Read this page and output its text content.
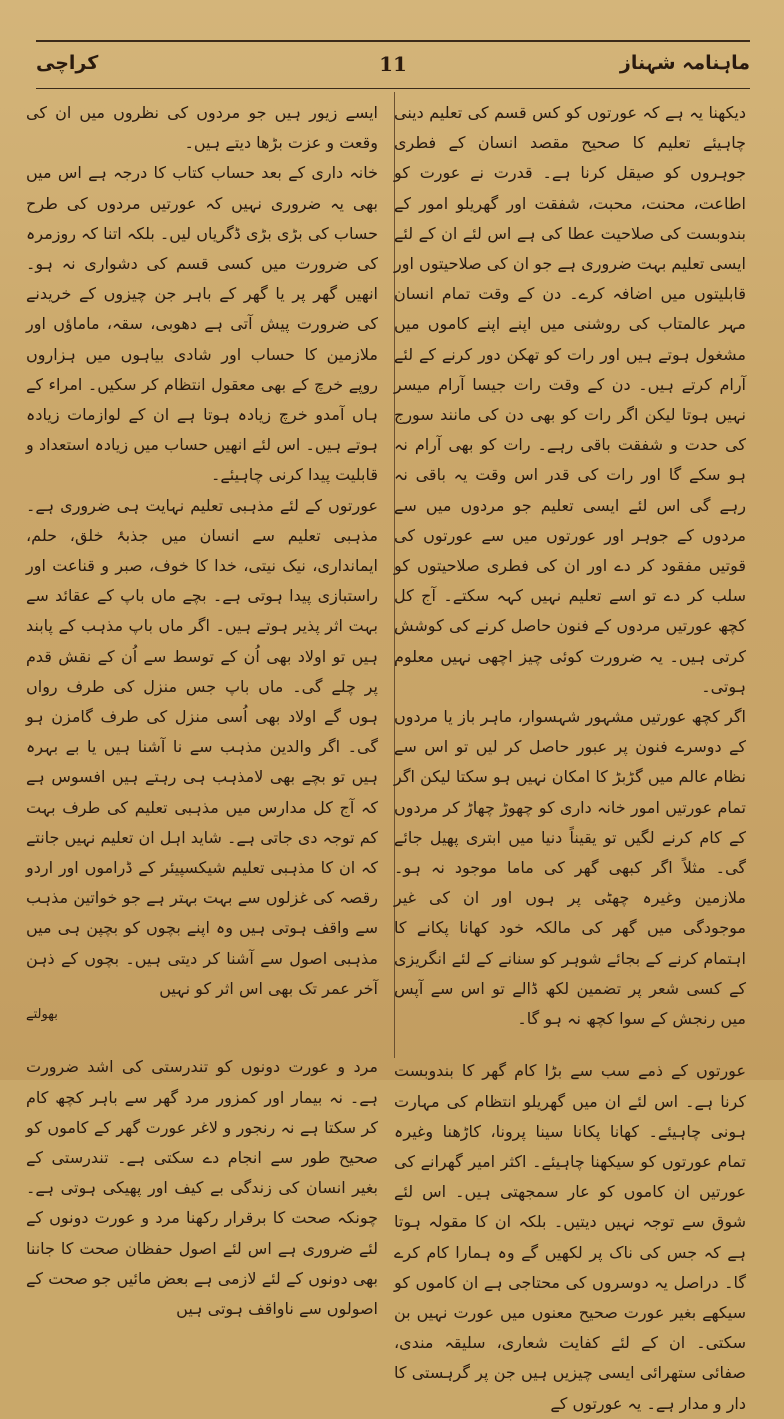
ماہنامہ شہناز
11
کراچی

دیکھنا یہ ہے کہ عورتوں کو کس قسم کی تعلیم دینی چاہیئے تعلیم کا صحیح مقصد انسان کے فطری جوہروں کو صیقل کرنا ہے۔ قدرت نے عورت کو اطاعت، محنت، محبت، شفقت اور گھریلو امور کے بندوبست کی صلاحیت عطا کی ہے اس لئے ان کے لئے ایسی تعلیم بہت ضروری ہے جو ان کی صلاحیتوں اور قابلیتوں میں اضافہ کرے۔ دن کے وقت تمام انسان مہر عالمتاب کی روشنی میں اپنے اپنے کاموں میں مشغول ہوتے ہیں اور رات کو تھکن دور کرنے کے لئے آرام کرتے ہیں۔ دن کے وقت رات جیسا آرام میسر نہیں ہوتا لیکن اگر رات کو بھی دن کی مانند سورج کی حدت و شفقت باقی رہے۔ رات کو بھی آرام نہ ہو سکے گا اور رات کی قدر اس وقت یہ باقی نہ رہے گی اس لئے ایسی تعلیم جو مردوں میں سے مردوں کے جوہر اور عورتوں میں سے عورتوں کی قوتیں مفقود کر دے اور ان کی فطری صلاحیتوں کو سلب کر دے تو اسے تعلیم نہیں کہہ سکتے۔ آج کل کچھ عورتیں مردوں کے فنون حاصل کرنے کی کوشش کرتی ہیں۔ یہ ضرورت کوئی چیز اچھی نہیں معلوم ہوتی۔

اگر کچھ عورتیں مشہور شہسوار، ماہر باز یا مردوں کے دوسرے فنون پر عبور حاصل کر لیں تو اس سے نظام عالم میں گڑبڑ کا امکان نہیں ہو سکتا لیکن اگر تمام عورتیں امور خانہ داری کو چھوڑ چھاڑ کر مردوں کے کام کرنے لگیں تو یقیناً دنیا میں ابتری پھیل جائے گی۔ مثلاً اگر کبھی گھر کی ماما موجود نہ ہو۔ ملازمین وغیرہ چھٹی پر ہوں اور ان کی غیر موجودگی میں گھر کی مالکہ خود کھانا پکانے کا اہتمام کرنے کے بجائے شوہر کو سنانے کے لئے انگریزی کے کسی شعر پر تضمین لکھ ڈالے تو اس سے آپس میں رنجش کے سوا کچھ نہ ہو گا۔

عورتوں کے ذمے سب سے بڑا کام گھر کا بندوبست کرنا ہے۔ اس لئے ان میں گھریلو انتظام کی مہارت ہونی چاہیئے۔ کھانا پکانا سینا پرونا، کاڑھنا وغیرہ تمام عورتوں کو سیکھنا چاہیئے۔ اکثر امیر گھرانے کی عورتیں ان کاموں کو عار سمجھتی ہیں۔ اس لئے شوق سے توجہ نہیں دیتیں۔ بلکہ ان کا مقولہ ہوتا ہے کہ جس کی ناک پر لکھیں گے وہ ہمارا کام کرے گا۔ دراصل یہ دوسروں کی محتاجی ہے ان کاموں کو سیکھے بغیر عورت صحیح معنوں میں عورت نہیں بن سکتی۔ ان کے لئے کفایت شعاری، سلیقہ مندی، صفائی ستھرائی ایسی چیزیں ہیں جن پر گرہستی کا دار و مدار ہے۔ یہ عورتوں کے

ایسے زیور ہیں جو مردوں کی نظروں میں ان کی وقعت و عزت بڑھا دیتے ہیں۔

خانہ داری کے بعد حساب کتاب کا درجہ ہے اس میں بھی یہ ضروری نہیں کہ عورتیں مردوں کی طرح حساب کی بڑی بڑی ڈگریاں لیں۔ بلکہ اتنا کہ روزمرہ کی ضرورت میں کسی قسم کی دشواری نہ ہو۔ انھیں گھر پر یا گھر کے باہر جن چیزوں کے خریدنے کی ضرورت پیش آتی ہے دھوبی، سقہ، ماماؤں اور ملازمین کا حساب اور شادی بیاہوں میں ہزاروں روپے خرچ کے بھی معقول انتظام کر سکیں۔ امراء کے ہاں آمدو خرچ زیادہ ہوتا ہے ان کے لوازمات زیادہ ہوتے ہیں۔ اس لئے انھیں حساب میں زیادہ استعداد و قابلیت پیدا کرنی چاہیئے۔

عورتوں کے لئے مذہبی تعلیم نہایت ہی ضروری ہے۔ مذہبی تعلیم سے انسان میں جذبۂ خلق، حلم، ایمانداری، نیک نیتی، خدا کا خوف، صبر و قناعت اور راستبازی پیدا ہوتی ہے۔ بچے ماں باپ کے عقائد سے بہت اثر پذیر ہوتے ہیں۔ اگر ماں باپ مذہب کے پابند ہیں تو اولاد بھی اُن کے توسط سے اُن کے نقش قدم پر چلے گی۔ ماں باپ جس منزل کی طرف رواں ہوں گے اولاد بھی اُسی منزل کی طرف گامزن ہو گی۔ اگر والدین مذہب سے نا آشنا ہیں یا بے بہرہ ہیں تو بچے بھی لامذہب ہی رہتے ہیں افسوس ہے کہ آج کل مدارس میں مذہبی تعلیم کی طرف بہت کم توجہ دی جاتی ہے۔ شاید اہل ان تعلیم نہیں جانتے کہ ان کا مذہبی تعلیم شیکسپیئر کے ڈراموں اور اردو رقصہ کی غزلوں سے بہت بہتر ہے جو خواتین مذہب سے واقف ہوتی ہیں وہ اپنے بچوں کو بچپن ہی میں مذہبی اصول سے آشنا کر دیتی ہیں۔ بچوں کے ذہن آخر عمر تک بھی اس اثر کو نہیں

بھولتے

مرد و عورت دونوں کو تندرستی کی اشد ضرورت ہے۔ نہ بیمار اور کمزور مرد گھر سے باہر کچھ کام کر سکتا ہے نہ رنجور و لاغر عورت گھر کے کاموں کو صحیح طور سے انجام دے سکتی ہے۔ تندرستی کے بغیر انسان کی زندگی بے کیف اور پھیکی ہوتی ہے۔ چونکہ صحت کا برقرار رکھنا مرد و عورت دونوں کے لئے ضروری ہے اس لئے اصول حفظان صحت کا جاننا بھی دونوں کے لئے لازمی ہے بعض مائیں جو صحت کے اصولوں سے ناواقف ہوتی ہیں
